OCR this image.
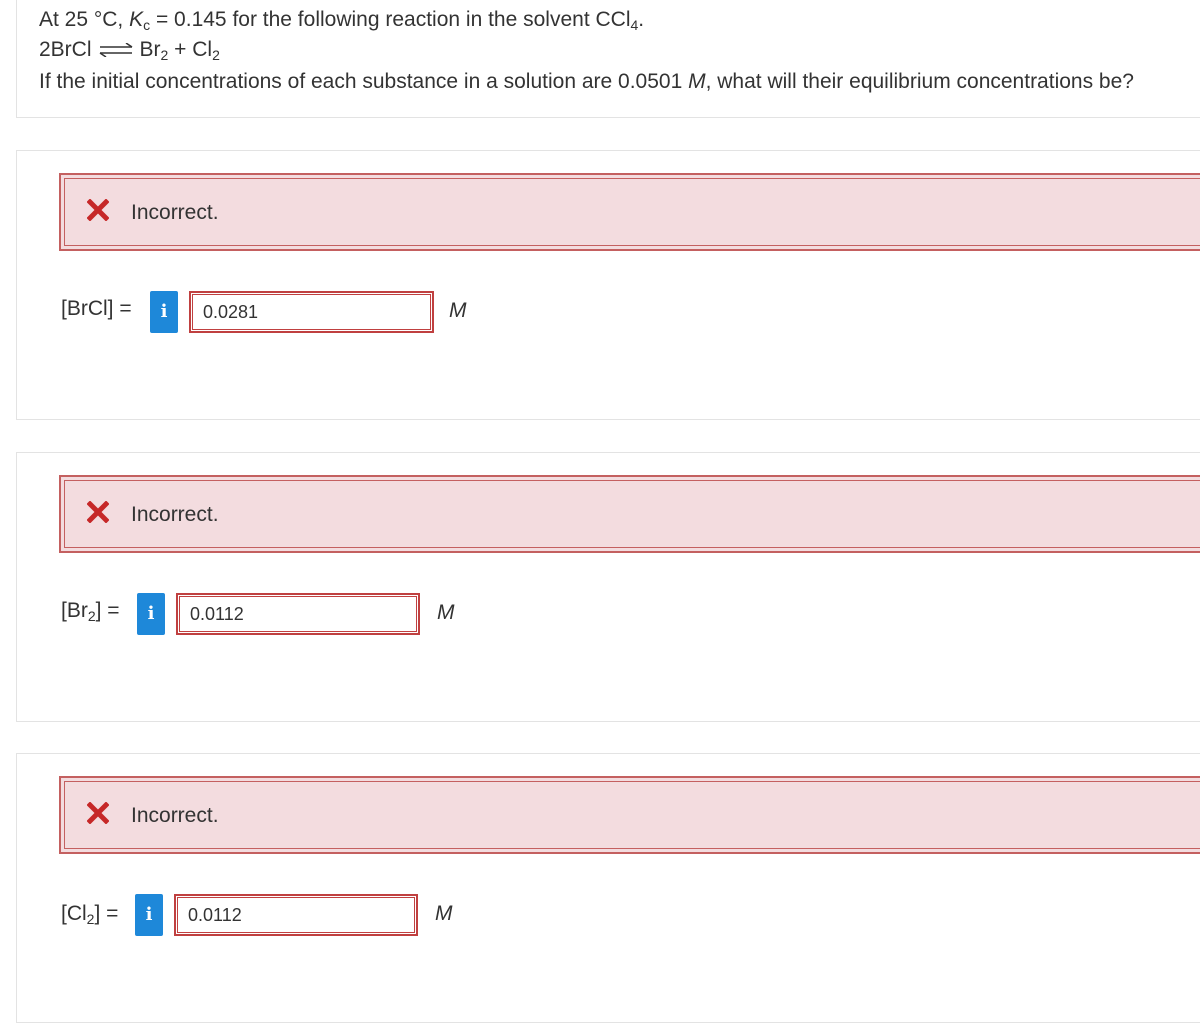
At 25 °C, $K_c = 0.145$ for the following reaction in the solvent CCl$_4$.
2BrCl ⇌ $Br_2 + Cl_2$
If the initial concentrations of each substance in a solution are 0.0501 M, what will their equilibrium concentrations be?
Incorrect.
[BrCl] =	i	0.0281	M
Incorrect.
$[Br_2]$ =	i	0.0112	M
Incorrect.
$[Cl_2]$ =	i	0.0112	M
